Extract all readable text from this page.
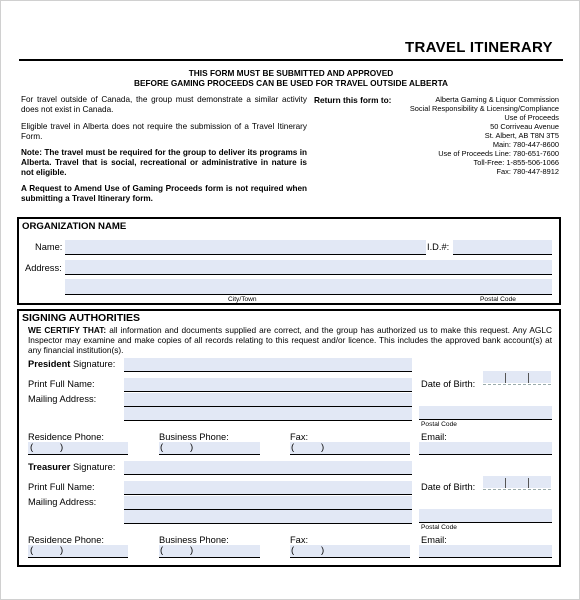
TRAVEL ITINERARY
THIS FORM MUST BE SUBMITTED AND APPROVED
BEFORE GAMING PROCEEDS CAN BE USED FOR TRAVEL OUTSIDE ALBERTA
For travel outside of Canada, the group must demonstrate a similar activity does not exist in Canada.
Eligible travel in Alberta does not require the submission of a Travel Itinerary Form.
Note: The travel must be required for the group to deliver its programs in Alberta. Travel that is social, recreational or administrative in nature is not eligible.
A Request to Amend Use of Gaming Proceeds form is not required when submitting a Travel Itinerary form.
Return this form to:	Alberta Gaming & Liquor Commission
Social Responsibility & Licensing/Compliance
Use of Proceeds
50 Corriveau Avenue
St. Albert, AB T8N 3T5
Main: 780-447-8600
Use of Proceeds Line: 780-651-7600
Toll-Free: 1-855-506-1066
Fax: 780-447-8912
ORGANIZATION NAME
Name:	I.D.#:
Address:
City/Town	Postal Code
SIGNING AUTHORITIES
WE CERTIFY THAT: all information and documents supplied are correct, and the group has authorized us to make this request. Any AGLC Inspector may examine and make copies of all records relating to this request and/or licence. This includes the approved bank account(s) at any financial institution(s).
President Signature:
Print Full Name:	Date of Birth:
Mailing Address:
Postal Code
Residence Phone:	Business Phone:	Fax:	Email:
(	)	(	)	(	)
Treasurer Signature:
Print Full Name:	Date of Birth:
Mailing Address:
Postal Code
Residence Phone:	Business Phone:	Fax:	Email:
(	)	(	)	(	)
